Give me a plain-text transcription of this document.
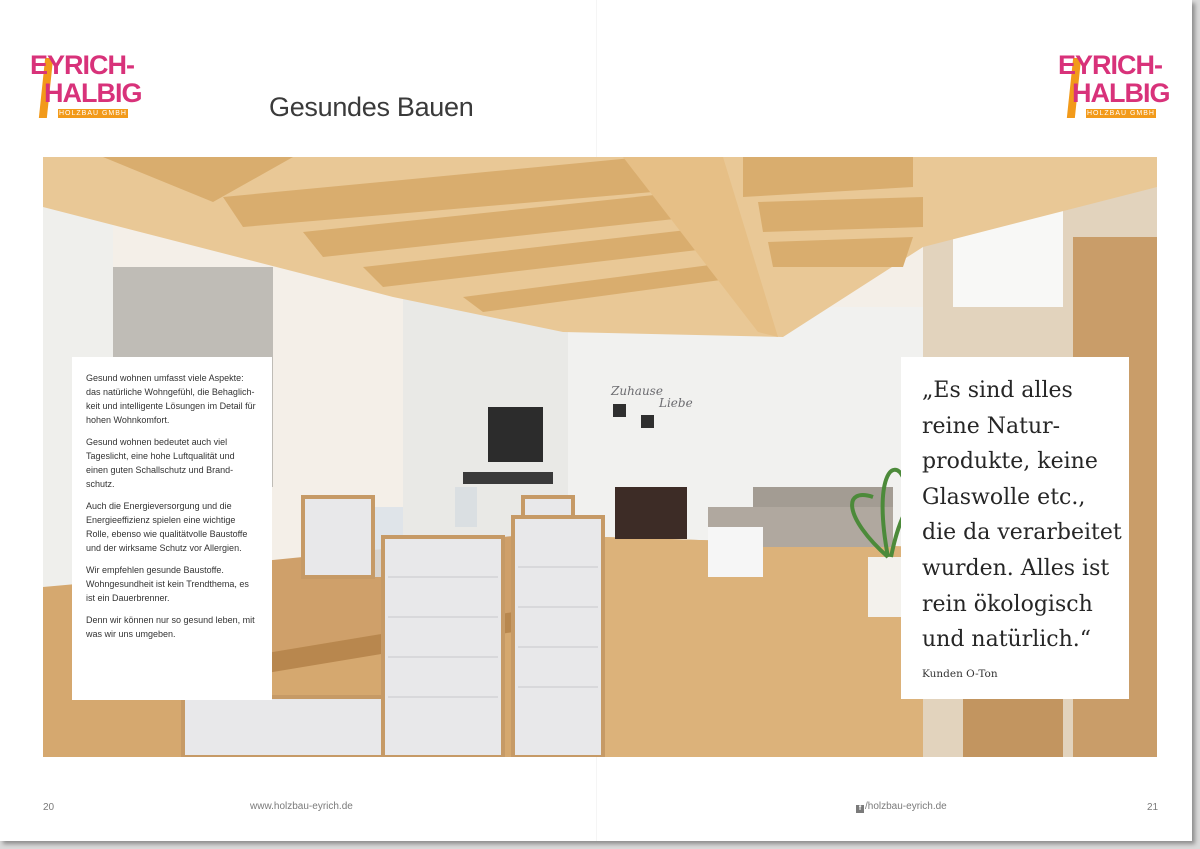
EYRICH-
HALBIG
HOLZBAU GMBH
EYRICH-
HALBIG
HOLZBAU GMBH
Gesundes Bauen
Zuhause
Liebe

Gesund wohnen umfasst viele Aspekte: das natürliche Wohngefühl, die Behaglich-keit und intelligente Lösungen im Detail für hohen Wohnkomfort.

Gesund wohnen bedeutet auch viel Tageslicht, eine hohe Luftqualität und einen guten Schallschutz und Brand-schutz.

Auch die Energieversorgung und die Energieeffizienz spielen eine wichtige Rolle, ebenso wie qualitätvolle Baustoffe und der wirksame Schutz vor Allergien.

Wir empfehlen gesunde Baustoffe. Wohngesundheit ist kein Trendthema, es ist ein Dauerbrenner.

Denn wir können nur so gesund leben, mit was wir uns umgeben.

„Es sind alles
reine Natur-
produkte, keine
Glaswolle etc.,
die da verarbeitet
wurden. Alles ist
rein ökologisch
und natürlich.“
Kunden O-Ton
20	www.holzbau-eyrich.de	f /holzbau-eyrich.de	21
